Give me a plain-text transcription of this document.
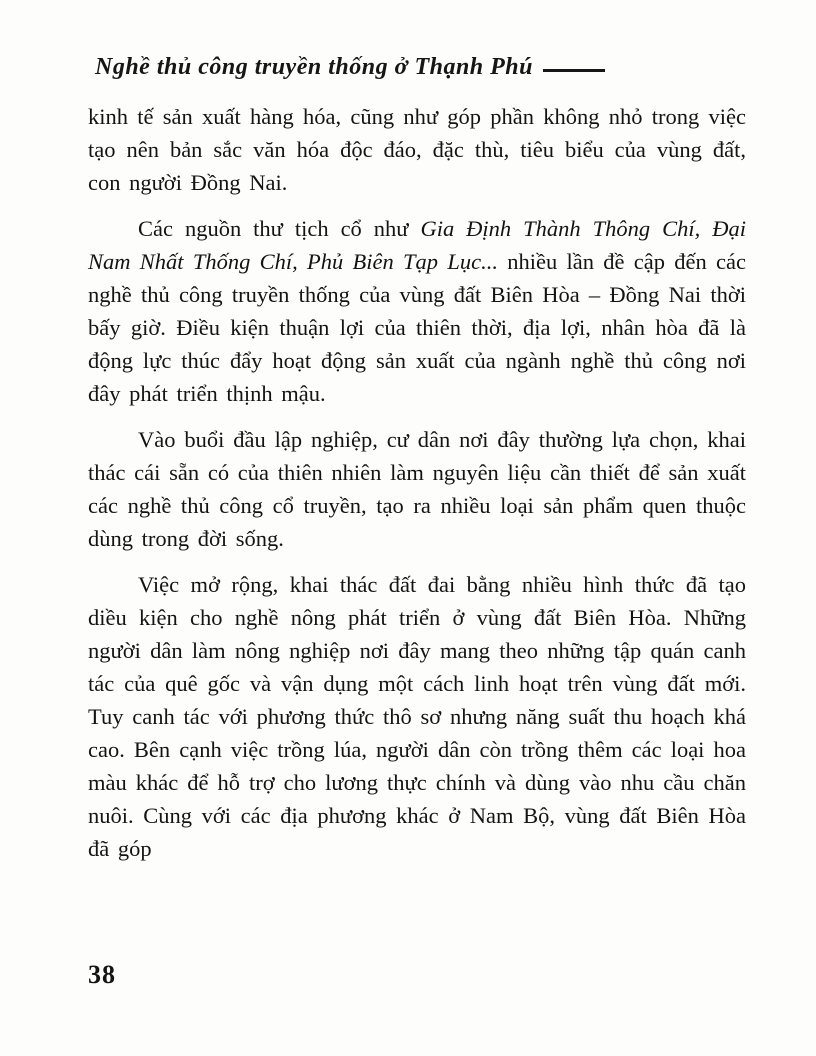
Nghề thủ công truyền thống ở Thạnh Phú

kinh tế sản xuất hàng hóa, cũng như góp phần không nhỏ trong việc tạo nên bản sắc văn hóa độc đáo, đặc thù, tiêu biểu của vùng đất, con người Đồng Nai.

Các nguồn thư tịch cổ như Gia Định Thành Thông Chí, Đại Nam Nhất Thống Chí, Phủ Biên Tạp Lục... nhiều lần đề cập đến các nghề thủ công truyền thống của vùng đất Biên Hòa – Đồng Nai thời bấy giờ. Điều kiện thuận lợi của thiên thời, địa lợi, nhân hòa đã là động lực thúc đẩy hoạt động sản xuất của ngành nghề thủ công nơi đây phát triển thịnh mậu.

Vào buổi đầu lập nghiệp, cư dân nơi đây thường lựa chọn, khai thác cái sẵn có của thiên nhiên làm nguyên liệu cần thiết để sản xuất các nghề thủ công cổ truyền, tạo ra nhiều loại sản phẩm quen thuộc dùng trong đời sống.

Việc mở rộng, khai thác đất đai bằng nhiều hình thức đã tạo diều kiện cho nghề nông phát triển ở vùng đất Biên Hòa. Những người dân làm nông nghiệp nơi đây mang theo những tập quán canh tác của quê gốc và vận dụng một cách linh hoạt trên vùng đất mới. Tuy canh tác với phương thức thô sơ nhưng năng suất thu hoạch khá cao. Bên cạnh việc trồng lúa, người dân còn trồng thêm các loại hoa màu khác để hỗ trợ cho lương thực chính và dùng vào nhu cầu chăn nuôi. Cùng với các địa phương khác ở Nam Bộ, vùng đất Biên Hòa đã góp

38
